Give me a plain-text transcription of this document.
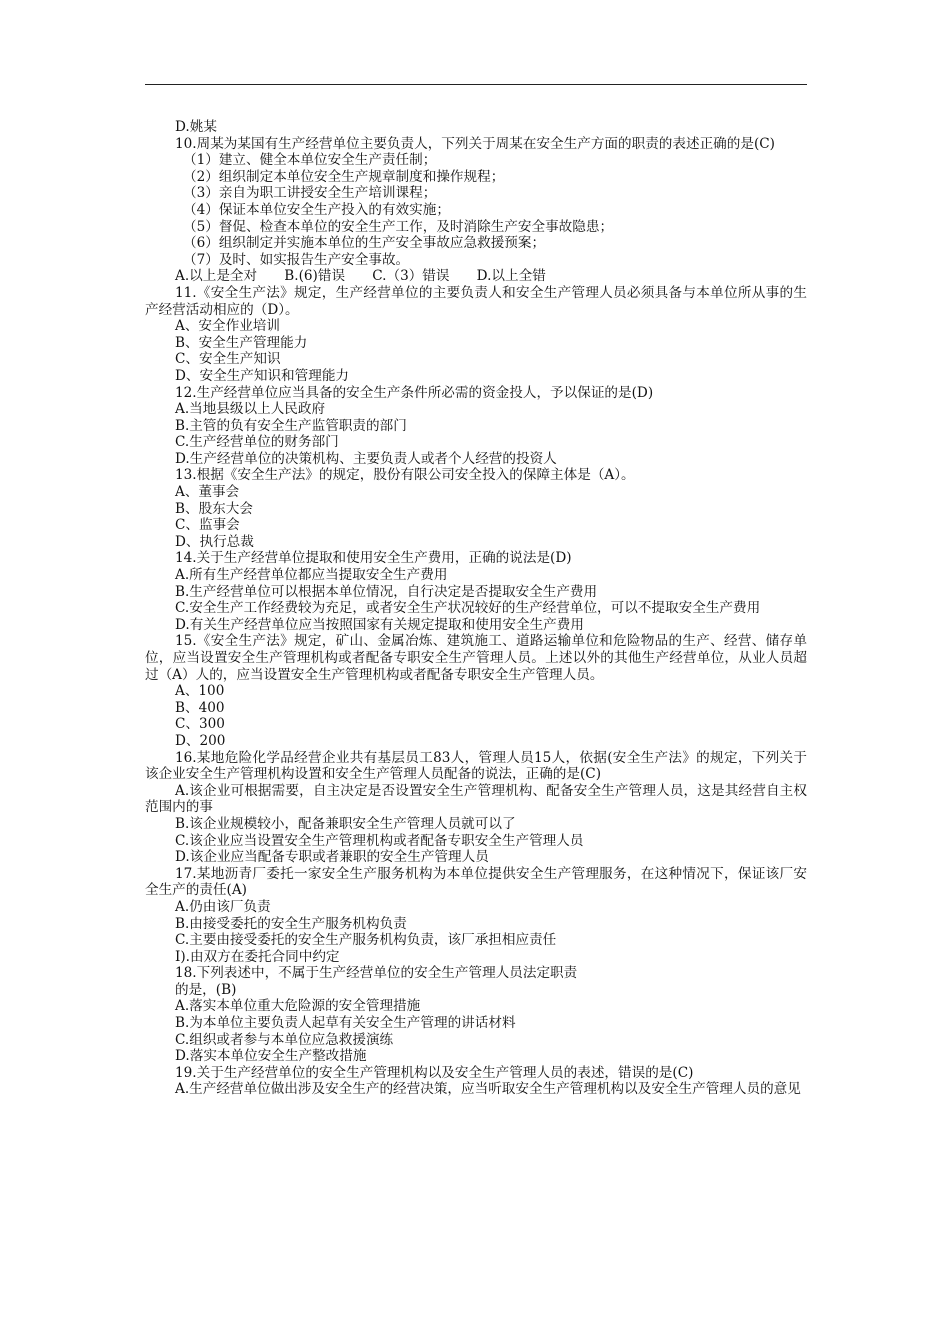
D.姚某

10.周某为某国有生产经营单位主要负责人，下列关于周某在安全生产方面的职责的表述正确的是(C)

（1）建立、健全本单位安全生产责任制；

（2）组织制定本单位安全生产规章制度和操作规程；

（3）亲自为职工讲授安全生产培训课程；

（4）保证本单位安全生产投入的有效实施；

（5）督促、检查本单位的安全生产工作，及时消除生产安全事故隐患；

（6）组织制定并实施本单位的生产安全事故应急救援预案；

（7）及时、如实报告生产安全事故。

A.以上是全对　　B.(6)错误　　C.（3）错误　　D.以上全错

11.《安全生产法》规定，生产经营单位的主要负责人和安全生产管理人员必须具备与本单位所从事的生产经营活动相应的（D）。

A、安全作业培训

B、安全生产管理能力

C、安全生产知识

D、安全生产知识和管理能力

12.生产经营单位应当具备的安全生产条件所必需的资金投人，予以保证的是(D)

A.当地县级以上人民政府

B.主管的负有安全生产监管职责的部门

C.生产经营单位的财务部门

D.生产经营单位的决策机构、主要负责人或者个人经营的投资人

13.根据《安全生产法》的规定，股份有限公司安全投入的保障主体是（A）。

A、董事会

B、股东大会

C、监事会

D、执行总裁

14.关于生产经营单位提取和使用安全生产费用，正确的说法是(D)

A.所有生产经营单位都应当提取安全生产费用

B.生产经营单位可以根据本单位情况，自行决定是否提取安全生产费用

C.安全生产工作经费较为充足，或者安全生产状况较好的生产经营单位，可以不提取安全生产费用

D.有关生产经营单位应当按照国家有关规定提取和使用安全生产费用

15.《安全生产法》规定，矿山、金属冶炼、建筑施工、道路运输单位和危险物品的生产、经营、储存单位，应当设置安全生产管理机构或者配备专职安全生产管理人员。上述以外的其他生产经营单位，从业人员超过（A）人的，应当设置安全生产管理机构或者配备专职安全生产管理人员。

A、100

B、400

C、300

D、200

16.某地危险化学品经营企业共有基层员工83人，管理人员15人，依据(安全生产法》的规定，下列关于该企业安全生产管理机构设置和安全生产管理人员配备的说法，正确的是(C)

A.该企业可根据需要，自主决定是否设置安全生产管理机构、配备安全生产管理人员，这是其经营自主权范围内的事

B.该企业规模较小，配备兼职安全生产管理人员就可以了

C.该企业应当设置安全生产管理机构或者配备专职安全生产管理人员

D.该企业应当配备专职或者兼职的安全生产管理人员

17.某地沥青厂委托一家安全生产服务机构为本单位提供安全生产管理服务，在这种情况下，保证该厂安全生产的责任(A)

A.仍由该厂负责

B.由接受委托的安全生产服务机构负责

C.主要由接受委托的安全生产服务机构负责，该厂承担相应责任

I).由双方在委托合同中约定

18.下列表述中，不属于生产经营单位的安全生产管理人员法定职责

的是，(B)

A.落实本单位重大危险源的安全管理措施

B.为本单位主要负责人起草有关安全生产管理的讲话材料

C.组织或者参与本单位应急救援演练

D.落实本单位安全生产整改措施

19.关于生产经营单位的安全生产管理机构以及安全生产管理人员的表述，错误的是(C)

A.生产经营单位做出涉及安全生产的经营决策，应当听取安全生产管理机构以及安全生产管理人员的意见
